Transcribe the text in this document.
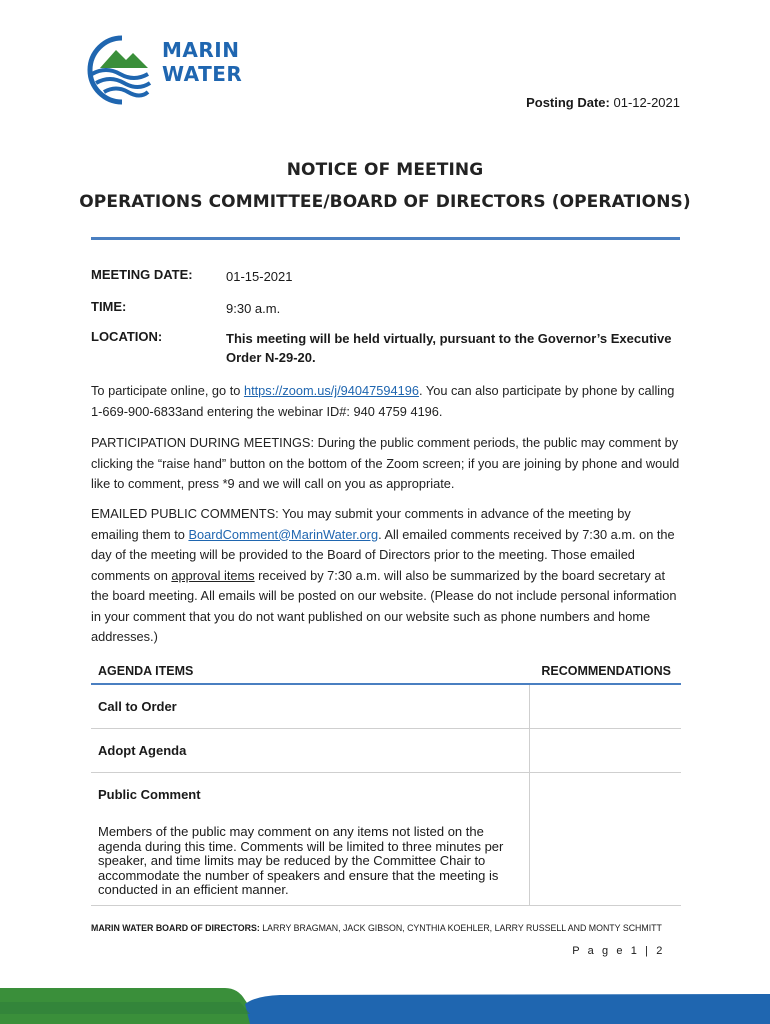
MARIN
WATER
Posting Date: 01-12-2021
NOTICE OF MEETING
OPERATIONS COMMITTEE/BOARD OF DIRECTORS (OPERATIONS)
MEETING DATE:	01-15-2021
TIME:	9:30 a.m.
LOCATION:	This meeting will be held virtually, pursuant to the Governor’s Executive Order N-29-20.
To participate online, go to https://zoom.us/j/94047594196. You can also participate by phone by calling 1-669-900-6833and entering the webinar ID#: 940 4759 4196.
PARTICIPATION DURING MEETINGS: During the public comment periods, the public may comment by clicking the “raise hand” button on the bottom of the Zoom screen; if you are joining by phone and would like to comment, press *9 and we will call on you as appropriate.
EMAILED PUBLIC COMMENTS: You may submit your comments in advance of the meeting by emailing them to BoardComment@MarinWater.org. All emailed comments received by 7:30 a.m. on the day of the meeting will be provided to the Board of Directors prior to the meeting. Those emailed comments on approval items received by 7:30 a.m. will also be summarized by the board secretary at the board meeting. All emails will be posted on our website. (Please do not include personal information in your comment that you do not want published on our website such as phone numbers and home addresses.)
AGENDA ITEMS	RECOMMENDATIONS
Call to Order
Adopt Agenda
Public Comment
Members of the public may comment on any items not listed on the agenda during this time. Comments will be limited to three minutes per speaker, and time limits may be reduced by the Committee Chair to accommodate the number of speakers and ensure that the meeting is conducted in an efficient manner.
MARIN WATER BOARD OF DIRECTORS: LARRY BRAGMAN, JACK GIBSON, CYNTHIA KOEHLER, LARRY RUSSELL AND MONTY SCHMITT
P a g e 1 | 2
